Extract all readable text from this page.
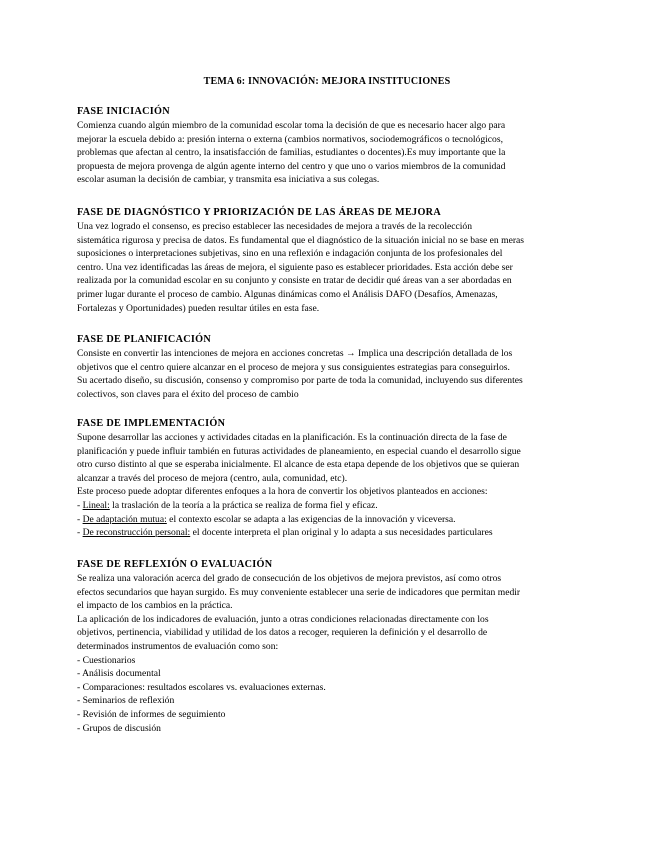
TEMA 6: INNOVACIÓN: MEJORA INSTITUCIONES

FASE INICIACIÓN

Comienza cuando algún miembro de la comunidad escolar toma la decisión de que es necesario hacer algo para
mejorar la escuela debido a: presión interna o externa (cambios normativos, sociodemográficos o tecnológicos,
problemas que afectan al centro, la insatisfacción de familias, estudiantes o docentes).Es muy importante que la
propuesta de mejora provenga de algún agente interno del centro y que uno o varios miembros de la comunidad
escolar asuman la decisión de cambiar, y transmita esa iniciativa a sus colegas.

FASE DE DIAGNÓSTICO Y PRIORIZACIÓN DE LAS ÁREAS DE MEJORA

Una vez logrado el consenso, es preciso establecer las necesidades de mejora a través de la recolección
sistemática rigurosa y precisa de datos. Es fundamental que el diagnóstico de la situación inicial no se base en meras
suposiciones o interpretaciones subjetivas, sino en una reflexión e indagación conjunta de los profesionales del
centro. Una vez identificadas las áreas de mejora, el siguiente paso es establecer prioridades. Esta acción debe ser
realizada por la comunidad escolar en su conjunto y consiste en tratar de decidir qué áreas van a ser abordadas en
primer lugar durante el proceso de cambio. Algunas dinámicas como el Análisis DAFO (Desafíos, Amenazas,
Fortalezas y Oportunidades) pueden resultar útiles en esta fase.

FASE DE PLANIFICACIÓN

Consiste en convertir las intenciones de mejora en acciones concretas → Implica una descripción detallada de los
objetivos que el centro quiere alcanzar en el proceso de mejora y sus consiguientes estrategias para conseguirlos.
Su acertado diseño, su discusión, consenso y compromiso por parte de toda la comunidad, incluyendo sus diferentes
colectivos, son claves para el éxito del proceso de cambio

FASE DE IMPLEMENTACIÓN

Supone desarrollar las acciones y actividades citadas en la planificación. Es la continuación directa de la fase de
planificación y puede influir también en futuras actividades de planeamiento, en especial cuando el desarrollo sigue
otro curso distinto al que se esperaba inicialmente. El alcance de esta etapa depende de los objetivos que se quieran
alcanzar a través del proceso de mejora (centro, aula, comunidad, etc).
Este proceso puede adoptar diferentes enfoques a la hora de convertir los objetivos planteados en acciones:
- Lineal: la traslación de la teoría a la práctica se realiza de forma fiel y eficaz.
- De adaptación mutua: el contexto escolar se adapta a las exigencias de la innovación y viceversa.
- De reconstrucción personal: el docente interpreta el plan original y lo adapta a sus necesidades particulares

FASE DE REFLEXIÓN O EVALUACIÓN

Se realiza una valoración acerca del grado de consecución de los objetivos de mejora previstos, así como otros
efectos secundarios que hayan surgido. Es muy conveniente establecer una serie de indicadores que permitan medir
el impacto de los cambios en la práctica.
La aplicación de los indicadores de evaluación, junto a otras condiciones relacionadas directamente con los
objetivos, pertinencia, viabilidad y utilidad de los datos a recoger, requieren la definición y el desarrollo de
determinados instrumentos de evaluación como son:
- Cuestionarios
- Análisis documental
- Comparaciones: resultados escolares vs. evaluaciones externas.
- Seminarios de reflexión
- Revisión de informes de seguimiento
- Grupos de discusión
